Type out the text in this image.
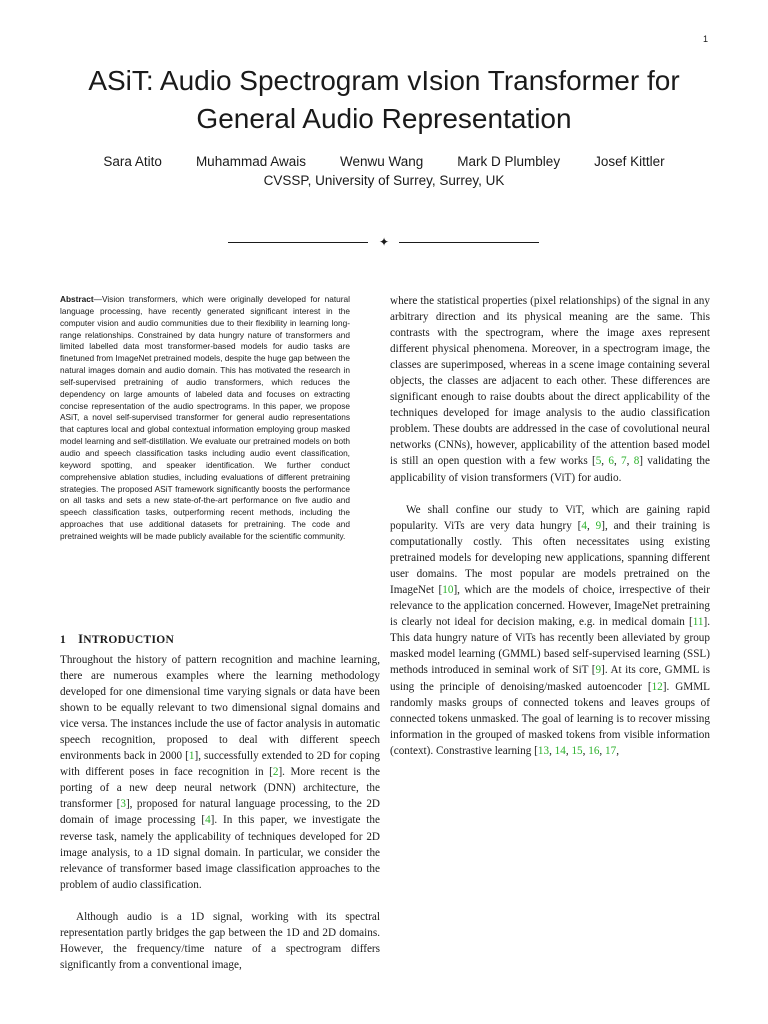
1
ASiT: Audio Spectrogram vIsion Transformer for
General Audio Representation
Sara Atito	Muhammad Awais	Wenwu Wang	Mark D Plumbley	Josef Kittler
CVSSP, University of Surrey, Surrey, UK
✦

Abstract—Vision transformers, which were originally developed for natural language processing, have recently generated significant interest in the computer vision and audio communities due to their flexibility in learning long-range relationships. Constrained by data hungry nature of transformers and limited labelled data most transformer-based models for audio tasks are finetuned from ImageNet pretrained models, despite the huge gap between the natural images domain and audio domain. This has motivated the research in self-supervised pretraining of audio transformers, which reduces the dependency on large amounts of labeled data and focuses on extracting concise representation of the audio spectrograms. In this paper, we propose ASiT, a novel self-supervised transformer for general audio representations that captures local and global contextual information employing group masked model learning and self-distillation. We evaluate our pretrained models on both audio and speech classification tasks including audio event classification, keyword spotting, and speaker identification. We further conduct comprehensive ablation studies, including evaluations of different pretraining strategies. The proposed ASiT framework significantly boosts the performance on all tasks and sets a new state-of-the-art performance on five audio and speech classification tasks, outperforming recent methods, including the approaches that use additional datasets for pretraining. The code and pretrained weights will be made publicly available for the scientific community.

1 INTRODUCTION

Throughout the history of pattern recognition and machine learning, there are numerous examples where the learning methodology developed for one dimensional time varying signals or data have been shown to be equally relevant to two dimensional signal domains and vice versa. The instances include the use of factor analysis in automatic speech recognition, proposed to deal with different speech environments back in 2000 [1], successfully extended to 2D for coping with different poses in face recognition in [2]. More recent is the porting of a new deep neural network (DNN) architecture, the transformer [3], proposed for natural language processing, to the 2D domain of image processing [4]. In this paper, we investigate the reverse task, namely the applicability of techniques developed for 2D image analysis, to a 1D signal domain. In particular, we consider the relevance of transformer based image classification approaches to the problem of audio classification.

Although audio is a 1D signal, working with its spectral representation partly bridges the gap between the 1D and 2D domains. However, the frequency/time nature of a spectrogram differs significantly from a conventional image,

where the statistical properties (pixel relationships) of the signal in any arbitrary direction and its physical meaning are the same. This contrasts with the spectrogram, where the image axes represent different physical phenomena. Moreover, in a spectrogram image, the classes are superimposed, whereas in a scene image containing several objects, the classes are adjacent to each other. These differences are significant enough to raise doubts about the direct applicability of the techniques developed for image analysis to the audio classification problem. These doubts are addressed in the case of covolutional neural networks (CNNs), however, applicability of the attention based model is still an open question with a few works [5, 6, 7, 8] validating the applicability of vision transformers (ViT) for audio.

We shall confine our study to ViT, which are gaining rapid popularity. ViTs are very data hungry [4, 9], and their training is computationally costly. This often necessitates using existing pretrained models for developing new applications, spanning different user domains. The most popular are models pretrained on the ImageNet [10], which are the models of choice, irrespective of their relevance to the application concerned. However, ImageNet pretraining is clearly not ideal for decision making, e.g. in medical domain [11]. This data hungry nature of ViTs has recently been alleviated by group masked model learning (GMML) based self-supervised learning (SSL) methods introduced in seminal work of SiT [9]. At its core, GMML is using the principle of denoising/masked autoencoder [12]. GMML randomly masks groups of connected tokens and leaves groups of connected tokens unmasked. The goal of learning is to recover missing information in the grouped of masked tokens from visible information (context). Constrastive learning [13, 14, 15, 16, 17,
